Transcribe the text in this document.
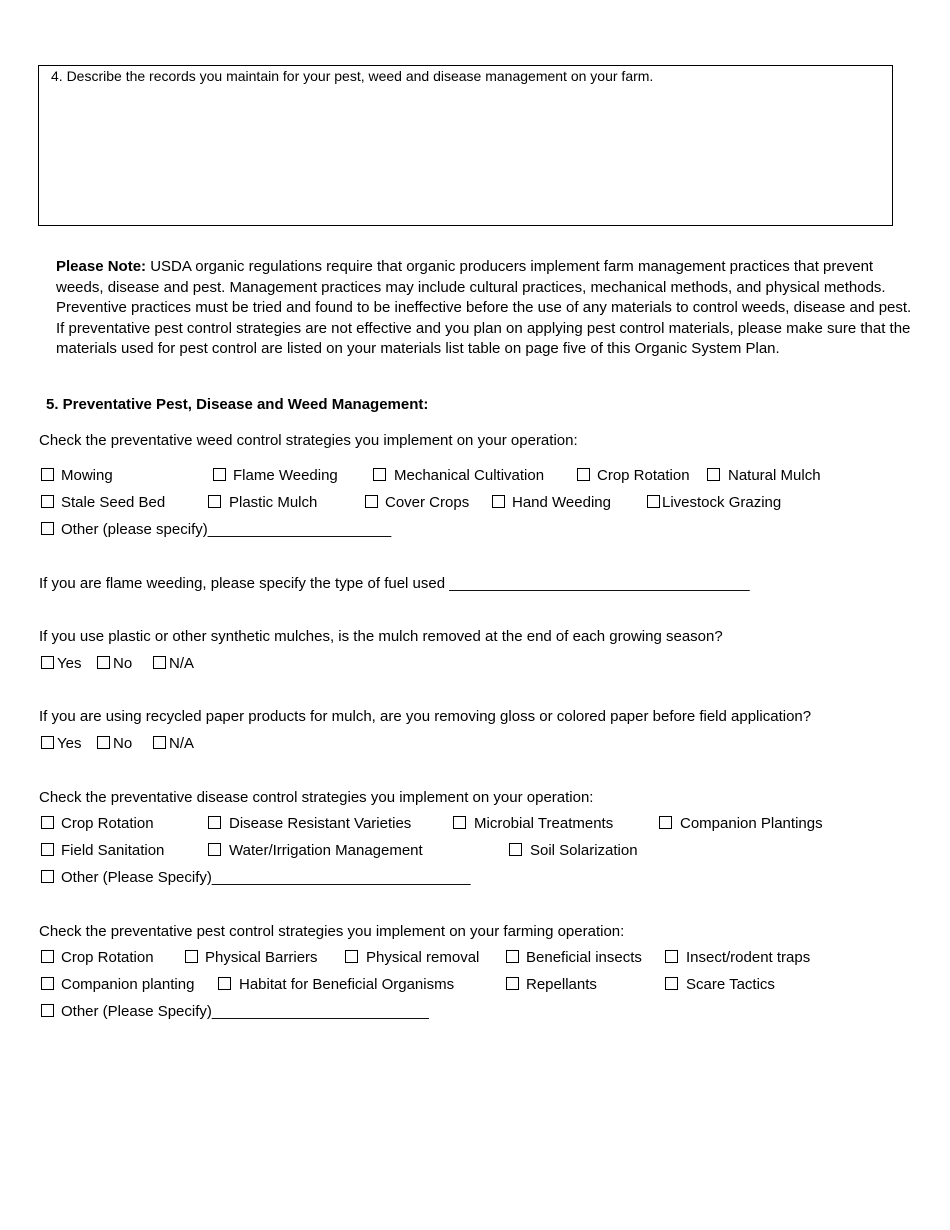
4. Describe the records you maintain for your pest, weed and disease management on your farm.
Please Note: USDA organic regulations require that organic producers implement farm management practices that prevent weeds, disease and pest. Management practices may include cultural practices, mechanical methods, and physical methods. Preventive practices must be tried and found to be ineffective before the use of any materials to control weeds, disease and pest. If preventative pest control strategies are not effective and you plan on applying pest control materials, please make sure that the materials used for pest control are listed on your materials list table on page five of this Organic System Plan.
5. Preventative Pest, Disease and Weed Management:
Check the preventative weed control strategies you implement on your operation:
Mowing	Flame Weeding	Mechanical Cultivation	Crop Rotation	Natural Mulch
Stale Seed Bed	Plastic Mulch	Cover Crops	Hand Weeding	Livestock Grazing
Other (please specify)______________________
If you are flame weeding, please specify the type of fuel used ____________________________________
If you use plastic or other synthetic mulches, is the mulch removed at the end of each growing season?
Yes No N/A
If you are using recycled paper products for mulch, are you removing gloss or colored paper before field application?
Yes No N/A
Check the preventative disease control strategies you implement on your operation:
Crop Rotation	Disease Resistant Varieties	Microbial Treatments	Companion Plantings
Field Sanitation	Water/Irrigation Management	Soil Solarization
Other (Please Specify)_______________________________
Check the preventative pest control strategies you implement on your farming operation:
Crop Rotation	Physical Barriers	Physical removal	Beneficial insects	Insect/rodent traps
Companion planting	Habitat for Beneficial Organisms	Repellants	Scare Tactics
Other (Please Specify)__________________________
